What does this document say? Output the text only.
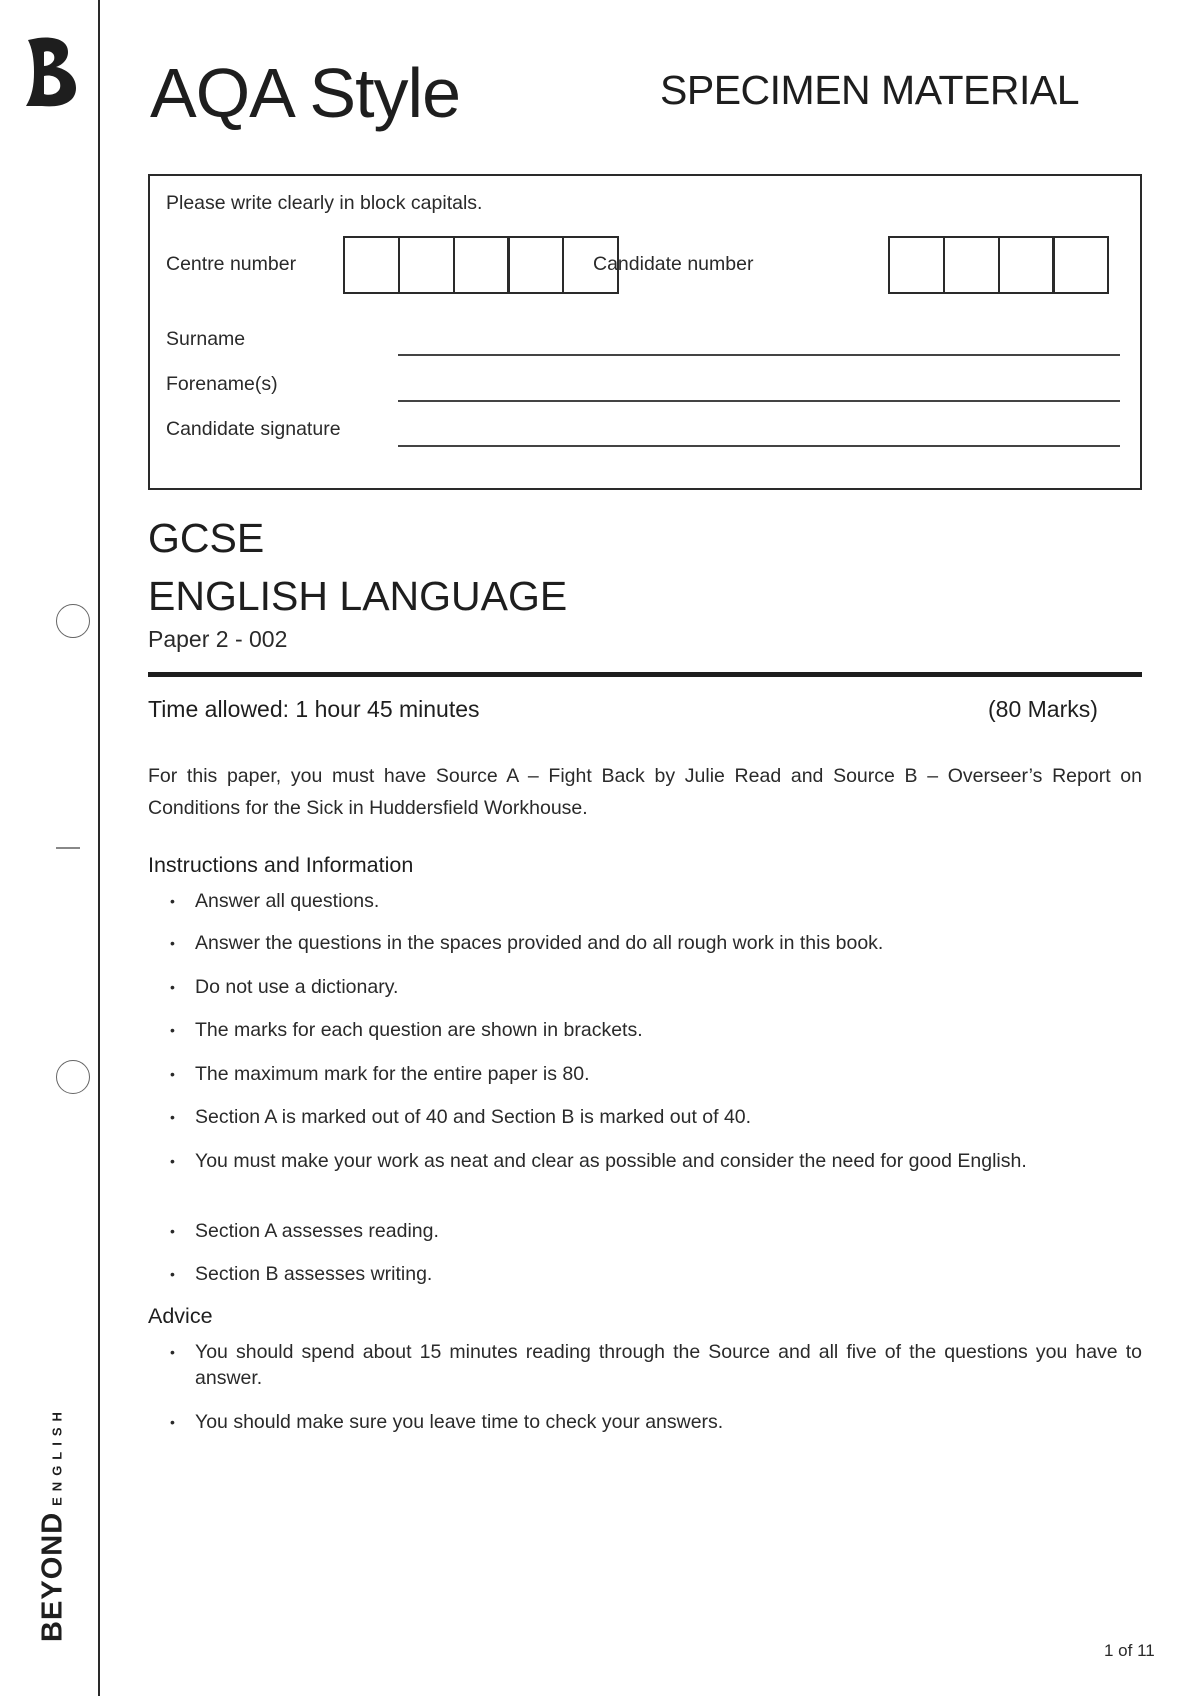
BEYONDENGLISH
AQA Style	SPECIMEN MATERIAL
Please write clearly in block capitals.
Centre number	Candidate number
Surname
Forename(s)
Candidate signature
GCSE
ENGLISH LANGUAGE
Paper 2 - 002
Time allowed: 1 hour 45 minutes	(80 Marks)
For this paper, you must have Source A – Fight Back by Julie Read and Source B – Overseer’s Report on Conditions for the Sick in Huddersfield Workhouse.
Instructions and Information
• Answer all questions.
• Answer the questions in the spaces provided and do all rough work in this book.
• Do not use a dictionary.
• The marks for each question are shown in brackets.
• The maximum mark for the entire paper is 80.
• Section A is marked out of 40 and Section B is marked out of 40.
• You must make your work as neat and clear as possible and consider the need for good English.
• Section A assesses reading.
• Section B assesses writing.
Advice
• You should spend about 15 minutes reading through the Source and all five of the questions you have to answer.
• You should make sure you leave time to check your answers.
1 of 11
